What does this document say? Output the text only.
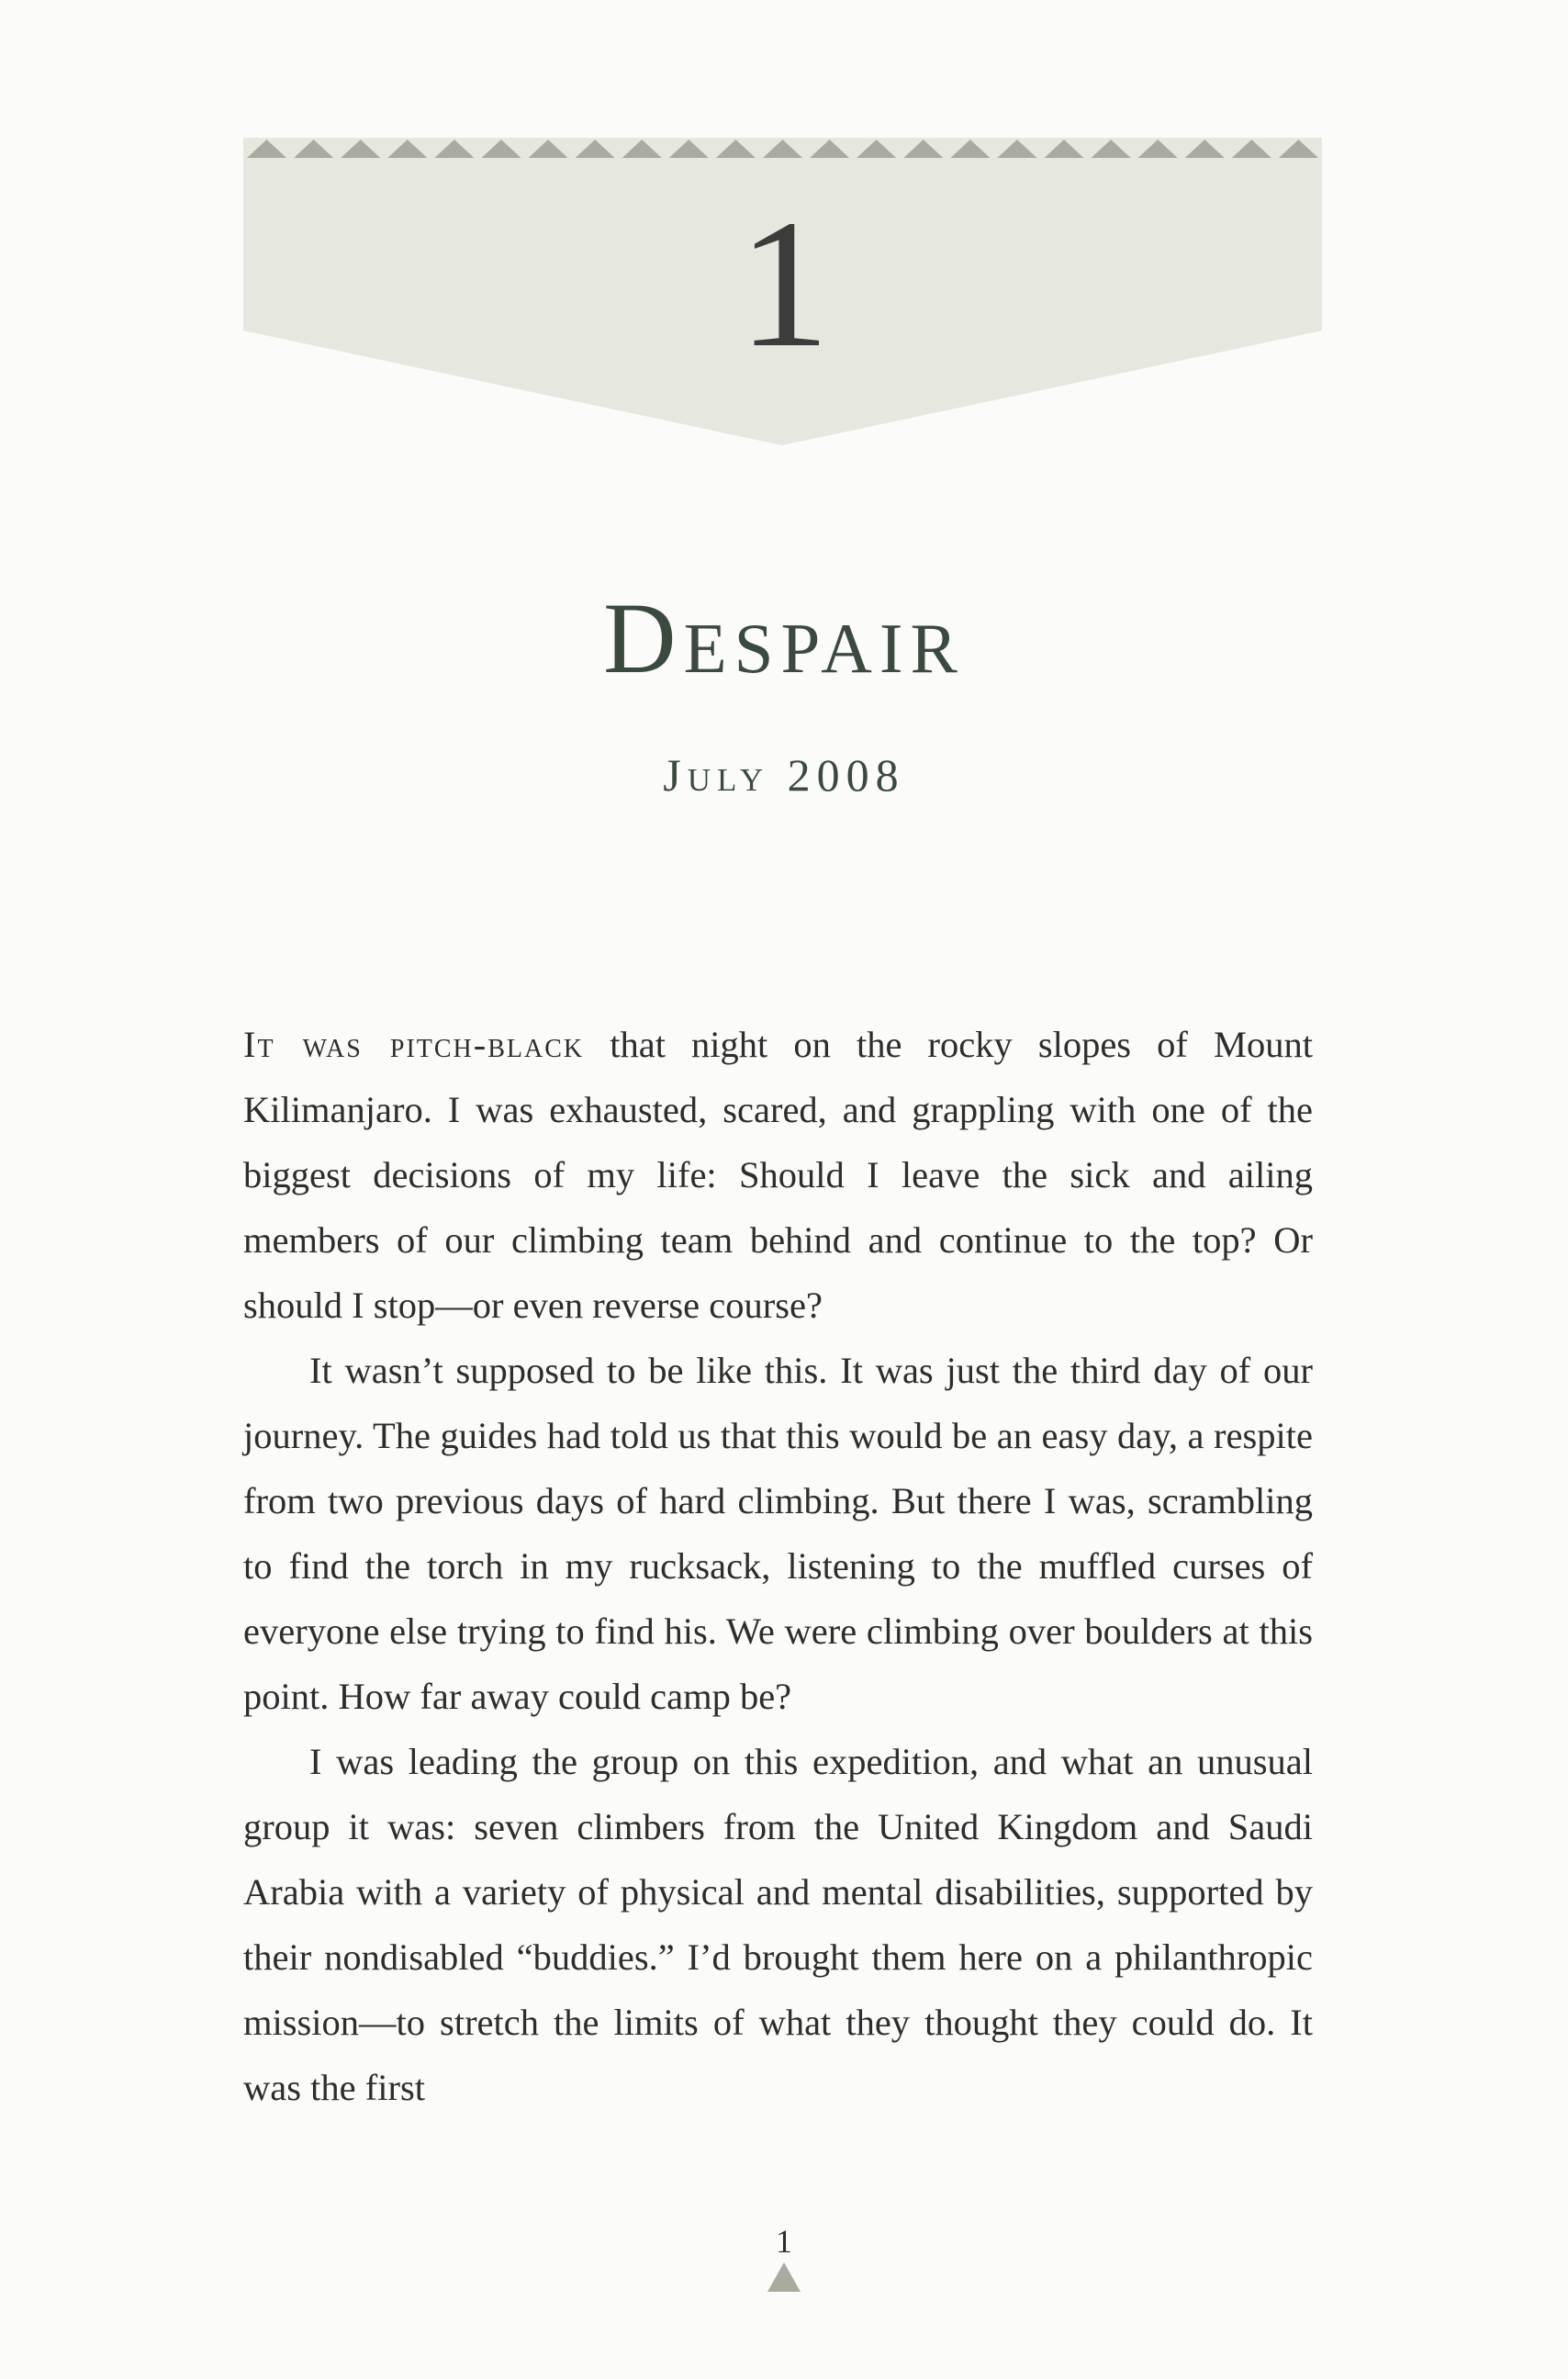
1
Despair
July 2008

It was pitch-black that night on the rocky slopes of Mount Kilimanjaro. I was exhausted, scared, and grappling with one of the biggest decisions of my life: Should I leave the sick and ailing members of our climbing team behind and continue to the top? Or should I stop—or even reverse course?

It wasn’t supposed to be like this. It was just the third day of our journey. The guides had told us that this would be an easy day, a respite from two previous days of hard climbing. But there I was, scrambling to find the torch in my rucksack, listening to the muffled curses of everyone else trying to find his. We were climbing over boulders at this point. How far away could camp be?

I was leading the group on this expedition, and what an unusual group it was: seven climbers from the United Kingdom and Saudi Arabia with a variety of physical and mental disabilities, supported by their nondisabled “buddies.” I’d brought them here on a philanthropic mission—to stretch the limits of what they thought they could do. It was the first

1
